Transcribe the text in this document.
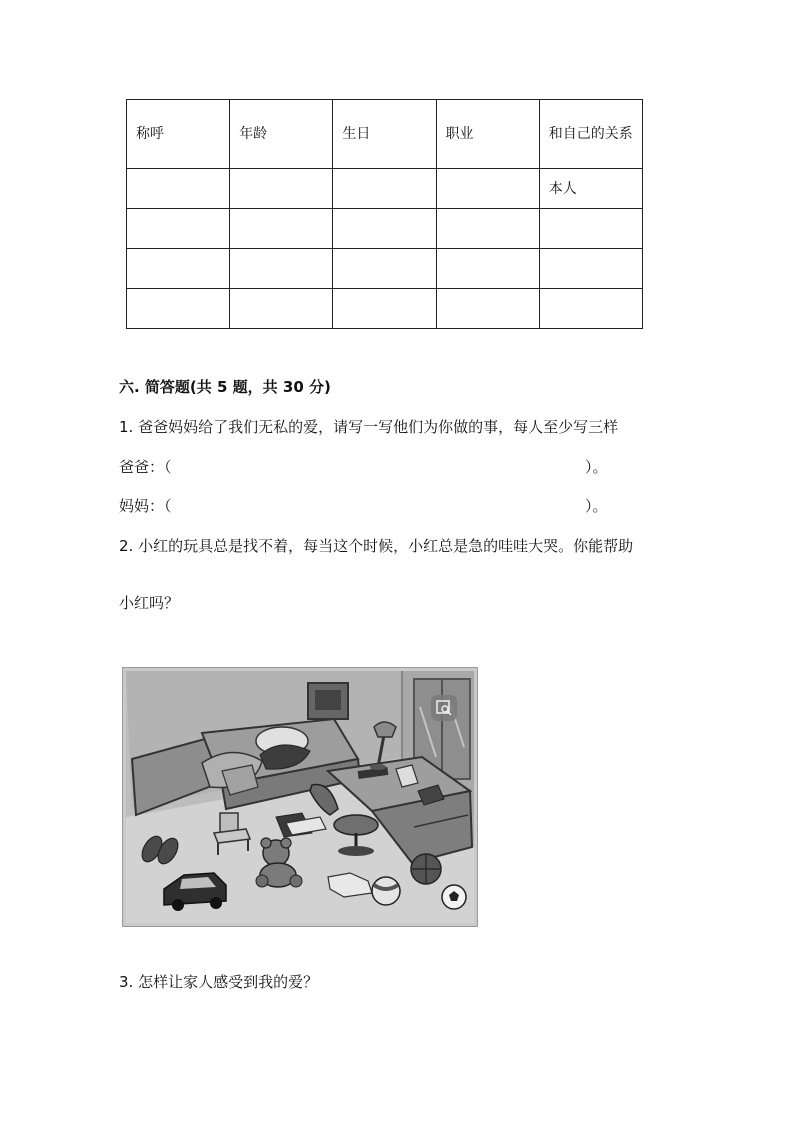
称呼	年龄	生日	职业	和自己的关系
				本人

六. 简答题(共 5 题，共 30 分)
1. 爸爸妈妈给了我们无私的爱，请写一写他们为你做的事，每人至少写三样
爸爸：（	）。
妈妈：（	）。
2. 小红的玩具总是找不着，每当这个时候，小红总是急的哇哇大哭。你能帮助
小红吗？
3. 怎样让家人感受到我的爱？
